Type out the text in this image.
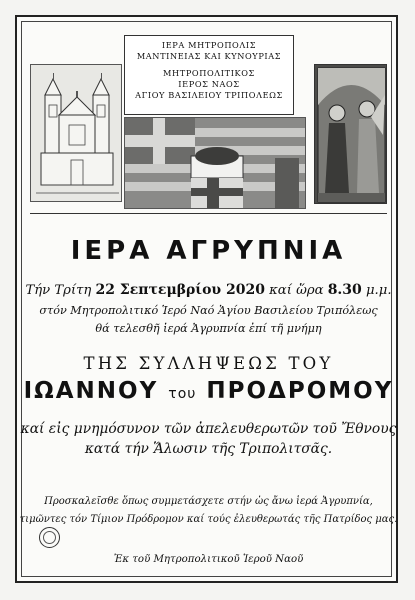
ΙΕΡΑ ΜΗΤΡΟΠΟΛΙΣ
ΜΑΝΤΙΝΕΙΑΣ ΚΑΙ ΚΥΝΟΥΡΙΑΣ
ΜΗΤΡΟΠΟΛΙΤΙΚΟΣ
ΙΕΡΟΣ ΝΑΟΣ
ΑΓΙΟΥ ΒΑΣΙΛΕΙΟΥ ΤΡΙΠΟΛΕΩΣ
ΙΕΡΑ ΑΓΡΥΠΝΙΑ
Τήν Τρίτη 22 Σεπτεμβρίου 2020 καί ὥρα 8.30 μ.μ.
στόν Μητροπολιτικό Ἱερό Ναό Ἁγίου Βασιλείου Τριπόλεως
θά τελεσθῆ ἱερά Ἀγρυπνία ἐπί τῆ μνήμη
ΤΗΣ ΣΥΛΛΗΨΕΩΣ ΤΟΥ
ΙΩΑΝΝΟΥ του ΠΡΟΔΡΟΜΟΥ
καί εἰς μνημόσυνον τῶν ἀπελευθερωτῶν τοῦ Ἔθνους
κατά τήν Ἅλωσιν τῆς Τριπολιτσᾶς.
Προσκαλεῖσθε ὅπως συμμετάσχετε στήν ὡς ἄνω ἱερά Ἀγρυπνία,
τιμῶντες τόν Τίμιον Πρόδρομον καί τούς ἐλευθερωτάς τῆς Πατρίδος μας.
Ἐκ τοῦ Μητροπολιτικοῦ Ἱεροῦ Ναοῦ
